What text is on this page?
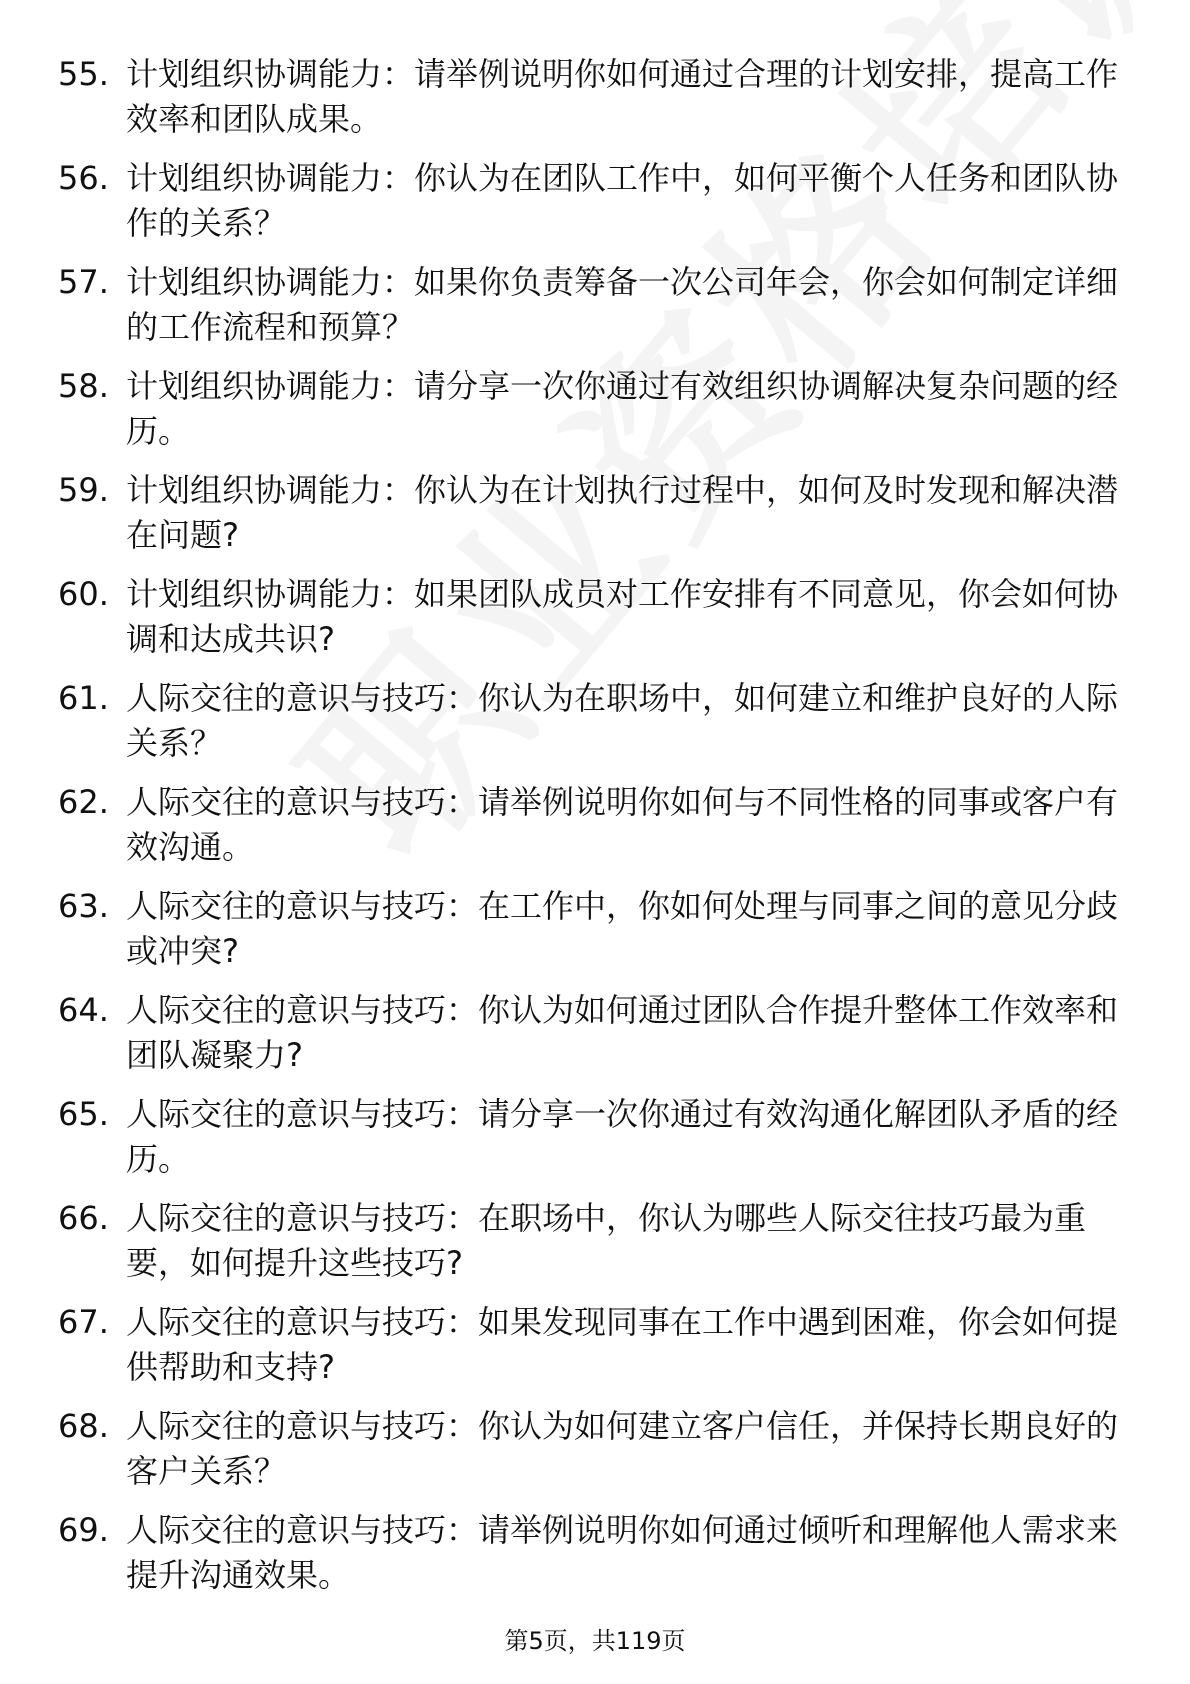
55. 计划组织协调能力：请举例说明你如何通过合理的计划安排，提高工作效率和团队成果。
56. 计划组织协调能力：你认为在团队工作中，如何平衡个人任务和团队协作的关系？
57. 计划组织协调能力：如果你负责筹备一次公司年会，你会如何制定详细的工作流程和预算？
58. 计划组织协调能力：请分享一次你通过有效组织协调解决复杂问题的经历。
59. 计划组织协调能力：你认为在计划执行过程中，如何及时发现和解决潜在问题?
60. 计划组织协调能力：如果团队成员对工作安排有不同意见，你会如何协调和达成共识?
61. 人际交往的意识与技巧：你认为在职场中，如何建立和维护良好的人际关系？
62. 人际交往的意识与技巧：请举例说明你如何与不同性格的同事或客户有效沟通。
63. 人际交往的意识与技巧：在工作中，你如何处理与同事之间的意见分歧或冲突?
64. 人际交往的意识与技巧：你认为如何通过团队合作提升整体工作效率和团队凝聚力?
65. 人际交往的意识与技巧：请分享一次你通过有效沟通化解团队矛盾的经历。
66. 人际交往的意识与技巧：在职场中，你认为哪些人际交往技巧最为重要，如何提升这些技巧?
67. 人际交往的意识与技巧：如果发现同事在工作中遇到困难，你会如何提供帮助和支持?
68. 人际交往的意识与技巧：你认为如何建立客户信任，并保持长期良好的客户关系？
69. 人际交往的意识与技巧：请举例说明你如何通过倾听和理解他人需求来提升沟通效果。
第5页，共119页
